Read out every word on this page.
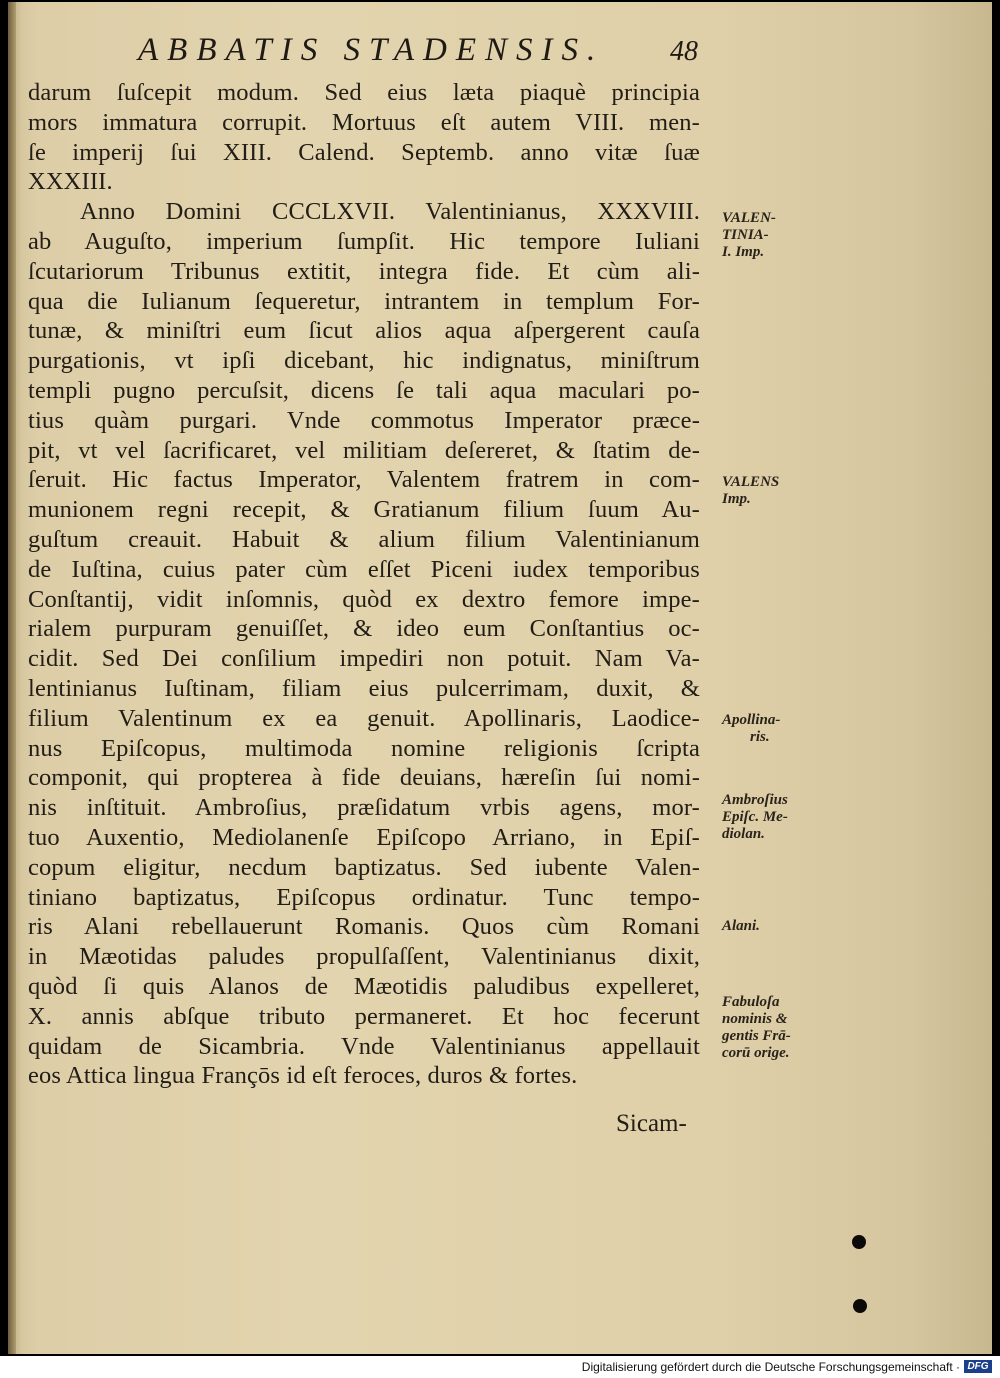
ABBATIS STADENSIS. 48
darum ſuſcepit modum. Sed eius læta piaquè principia
mors immatura corrupit. Mortuus eſt autem VIII. men-
ſe imperij ſui XIII. Calend. Septemb. anno vitæ ſuæ
XXXIII.
Anno Domini CCCLXVII. Valentinianus, XXXVIII.
ab Auguſto, imperium ſumpſit. Hic tempore Iuliani
ſcutariorum Tribunus extitit, integra fide. Et cùm ali-
qua die Iulianum ſequeretur, intrantem in templum For-
tunæ, & miniſtri eum ſicut alios aqua aſpergerent cauſa
purgationis, vt ipſi dicebant, hic indignatus, miniſtrum
templi pugno percuſsit, dicens ſe tali aqua maculari po-
tius quàm purgari. Vnde commotus Imperator præce-
pit, vt vel ſacrificaret, vel militiam deſereret, & ſtatim de-
ſeruit. Hic factus Imperator, Valentem fratrem in com-
munionem regni recepit, & Gratianum filium ſuum Au-
guſtum creauit. Habuit & alium filium Valentinianum
de Iuſtina, cuius pater cùm eſſet Piceni iudex temporibus
Conſtantij, vidit inſomnis, quòd ex dextro femore impe-
rialem purpuram genuiſſet, & ideo eum Conſtantius oc-
cidit. Sed Dei conſilium impediri non potuit. Nam Va-
lentinianus Iuſtinam, filiam eius pulcerrimam, duxit, &
filium Valentinum ex ea genuit. Apollinaris, Laodice-
nus Epiſcopus, multimoda nomine religionis ſcripta
componit, qui propterea à fide deuians, hæreſin ſui nomi-
nis inſtituit. Ambroſius, præſidatum vrbis agens, mor-
tuo Auxentio, Mediolanenſe Epiſcopo Arriano, in Epiſ-
copum eligitur, necdum baptizatus. Sed iubente Valen-
tiniano baptizatus, Epiſcopus ordinatur. Tunc tempo-
ris Alani rebellauerunt Romanis. Quos cùm Romani
in Mæotidas paludes propulſaſſent, Valentinianus dixit,
quòd ſi quis Alanos de Mæotidis paludibus expelleret,
X. annis abſque tributo permaneret. Et hoc fecerunt
quidam de Sicambria. Vnde Valentinianus appellauit
eos Attica lingua Françōs id eſt feroces, duros & fortes.
VALEN-
TINIA-
I. Imp.
VALENS
Imp.
Apollina-
ris.
Ambroſius
Epiſc. Me-
diolan.
Alani.
Fabuloſa
nominis &
gentis Frā-
corū orige.
Sicam-
Digitalisierung gefördert durch die Deutsche Forschungsgemeinschaft · DFG
